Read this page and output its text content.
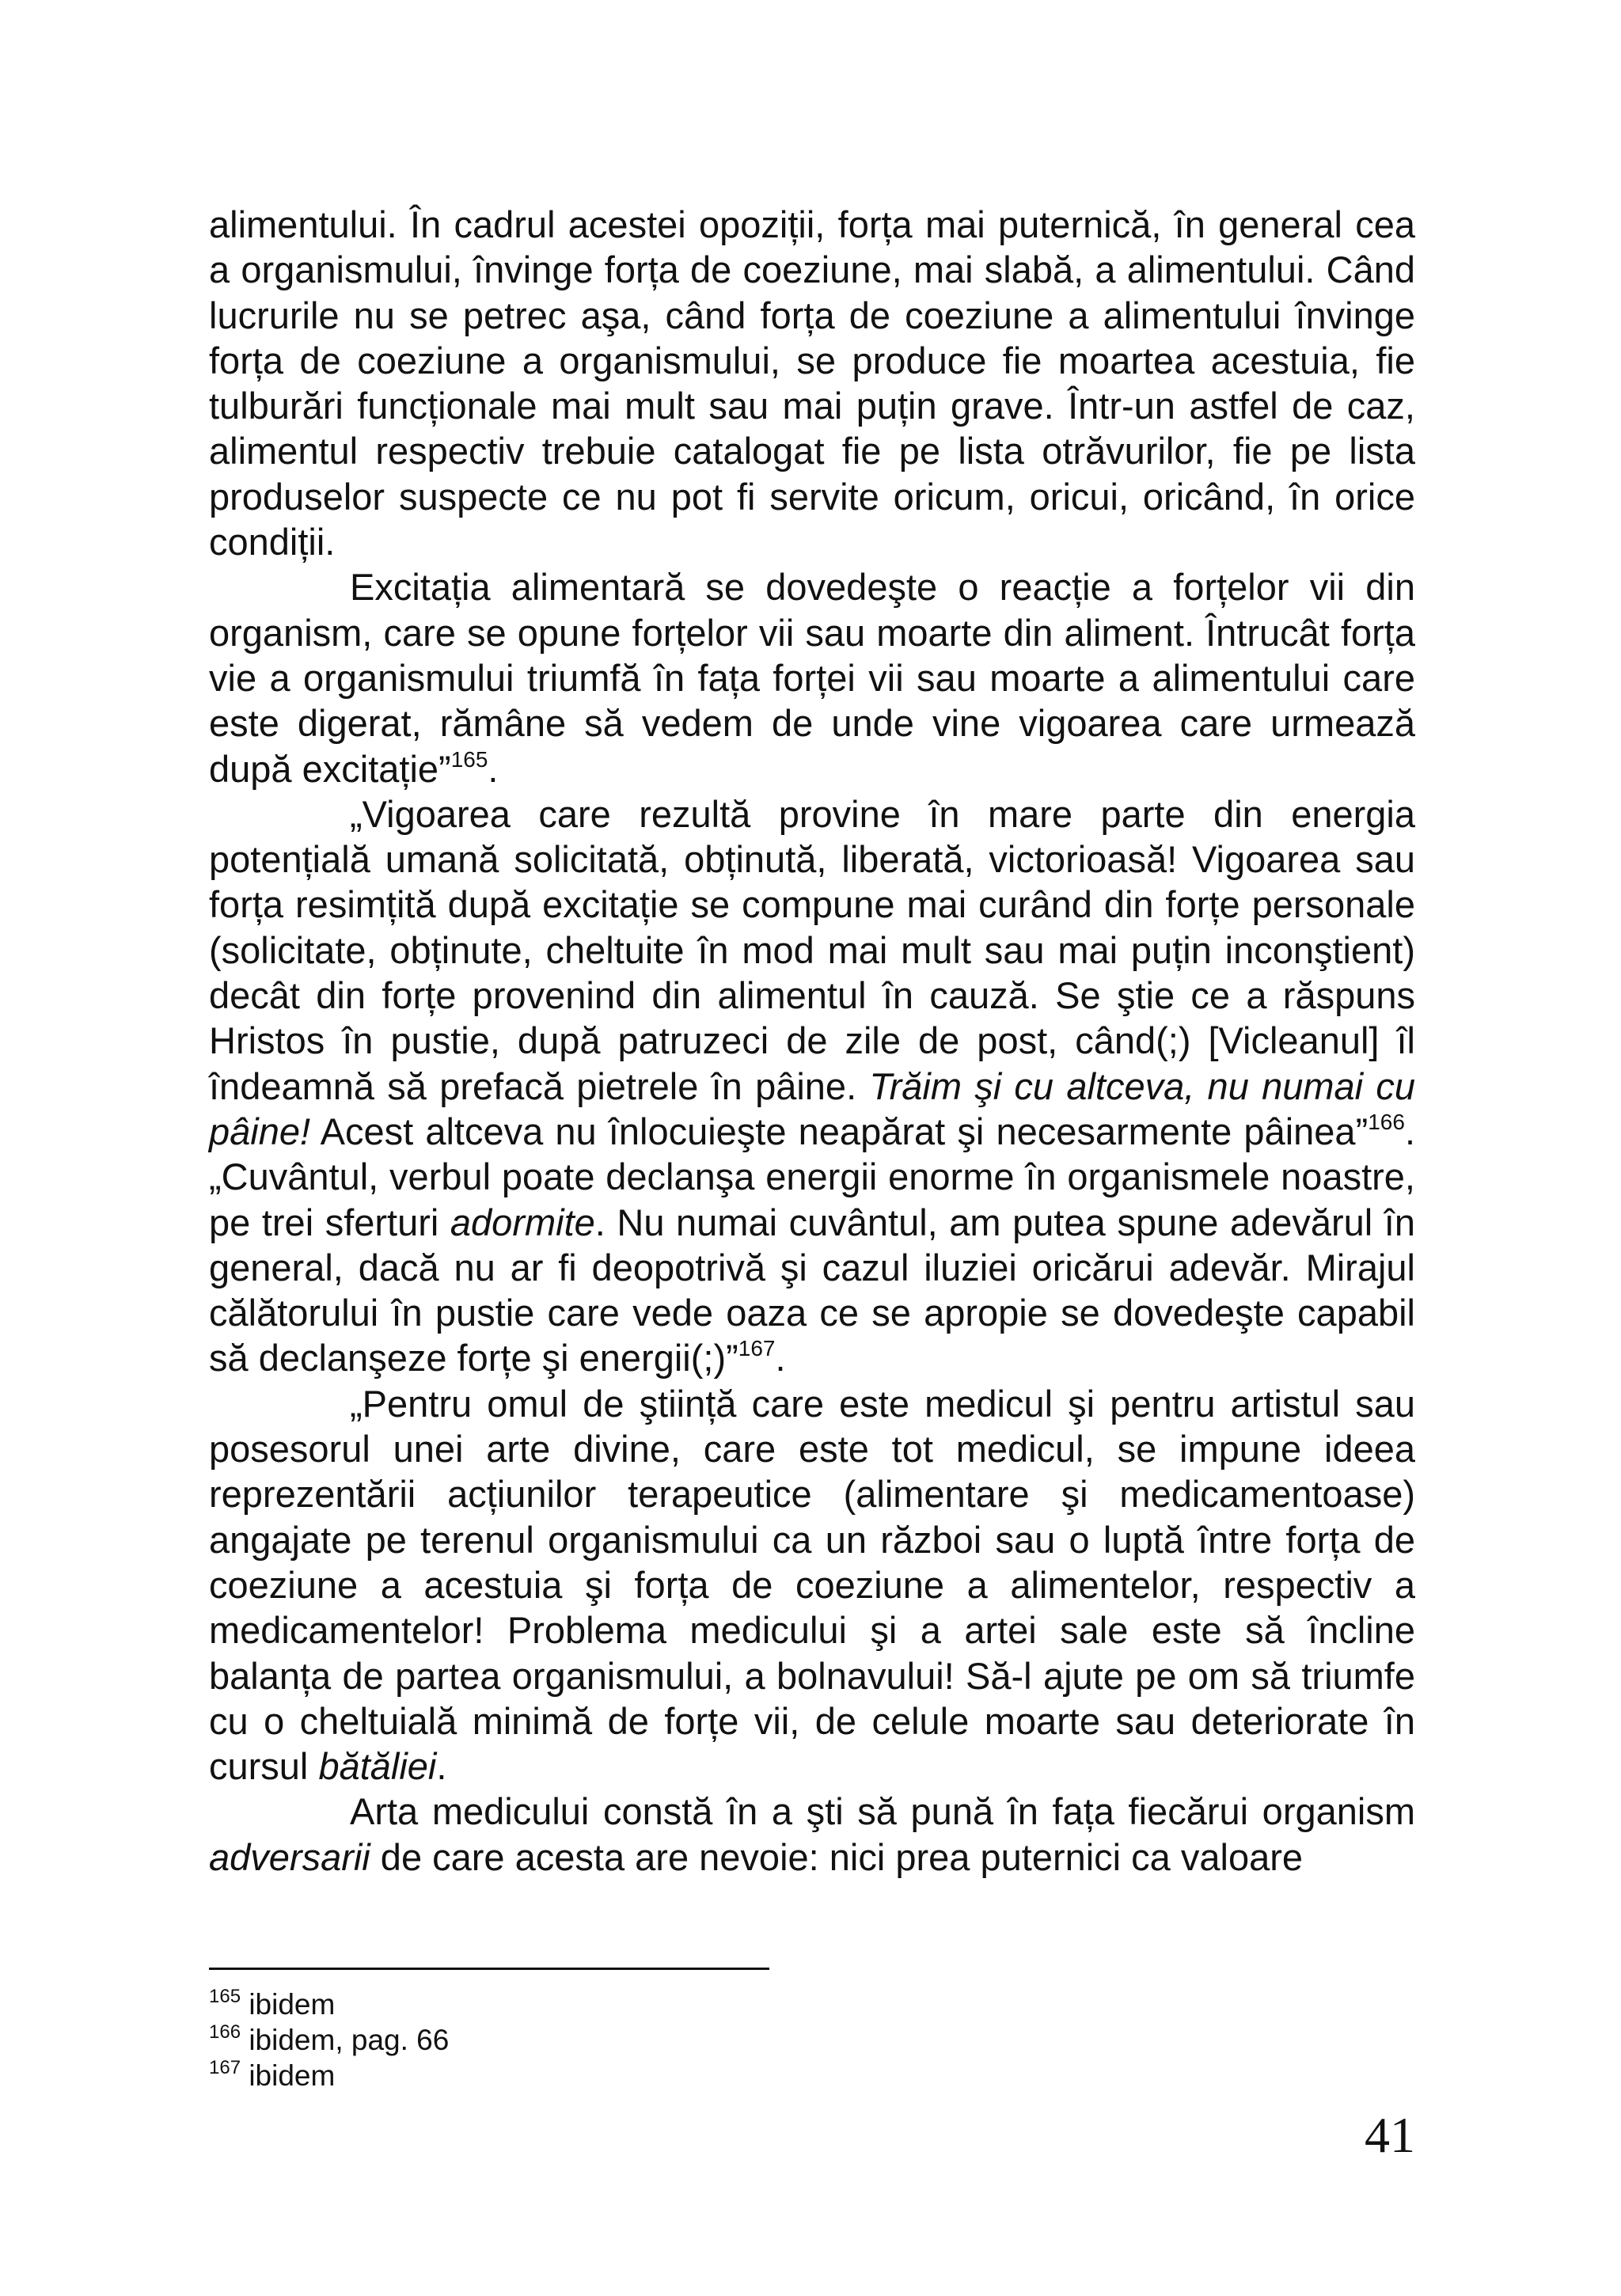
alimentului. În cadrul acestei opoziții, forța mai puternică, în general cea a organismului, învinge forța de coeziune, mai slabă, a alimentului. Când lucrurile nu se petrec aşa, când forța de coeziune a alimentului învinge forța de coeziune a organismului, se produce fie moartea acestuia, fie tulburări funcționale mai mult sau mai puțin grave. Într-un astfel de caz, alimentul respectiv trebuie catalogat fie pe lista otrăvurilor, fie pe lista produselor suspecte ce nu pot fi servite oricum, oricui, oricând, în orice condiții.

Excitația alimentară se dovedeşte o reacție a forțelor vii din organism, care se opune forțelor vii sau moarte din aliment. Întrucât forța vie a organismului triumfă în fața forței vii sau moarte a alimentului care este digerat, rămâne să vedem de unde vine vigoarea care urmează după excitație”$^{165}$.

„Vigoarea care rezultă provine în mare parte din energia potențială umană solicitată, obținută, liberată, victorioasă! Vigoarea sau forța resimțită după excitație se compune mai curând din forțe personale (solicitate, obținute, cheltuite în mod mai mult sau mai puțin inconştient) decât din forțe provenind din alimentul în cauză. Se ştie ce a răspuns Hristos în pustie, după patruzeci de zile de post, când(;) [Vicleanul] îl îndeamnă să prefacă pietrele în pâine. Trăim şi cu altceva, nu numai cu pâine! Acest altceva nu înlocuieşte neapărat şi necesarmente pâinea”$^{166}$. „Cuvântul, verbul poate declanşa energii enorme în organismele noastre, pe trei sferturi adormite. Nu numai cuvântul, am putea spune adevărul în general, dacă nu ar fi deopotrivă şi cazul iluziei oricărui adevăr. Mirajul călătorului în pustie care vede oaza ce se apropie se dovedeşte capabil să declanşeze forțe şi energii(;)”$^{167}$.

„Pentru omul de ştiință care este medicul şi pentru artistul sau posesorul unei arte divine, care este tot medicul, se impune ideea reprezentării acțiunilor terapeutice (alimentare şi medicamentoase) angajate pe terenul organismului ca un război sau o luptă între forța de coeziune a acestuia şi forța de coeziune a alimentelor, respectiv a medicamentelor! Problema medicului şi a artei sale este să încline balanța de partea organismului, a bolnavului! Să-l ajute pe om să triumfe cu o cheltuială minimă de forțe vii, de celule moarte sau deteriorate în cursul bătăliei.

Arta medicului constă în a şti să pună în fața fiecărui organism adversarii de care acesta are nevoie: nici prea puternici ca valoare

$^{165}$ ibidem
$^{166}$ ibidem, pag. 66
$^{167}$ ibidem
41
